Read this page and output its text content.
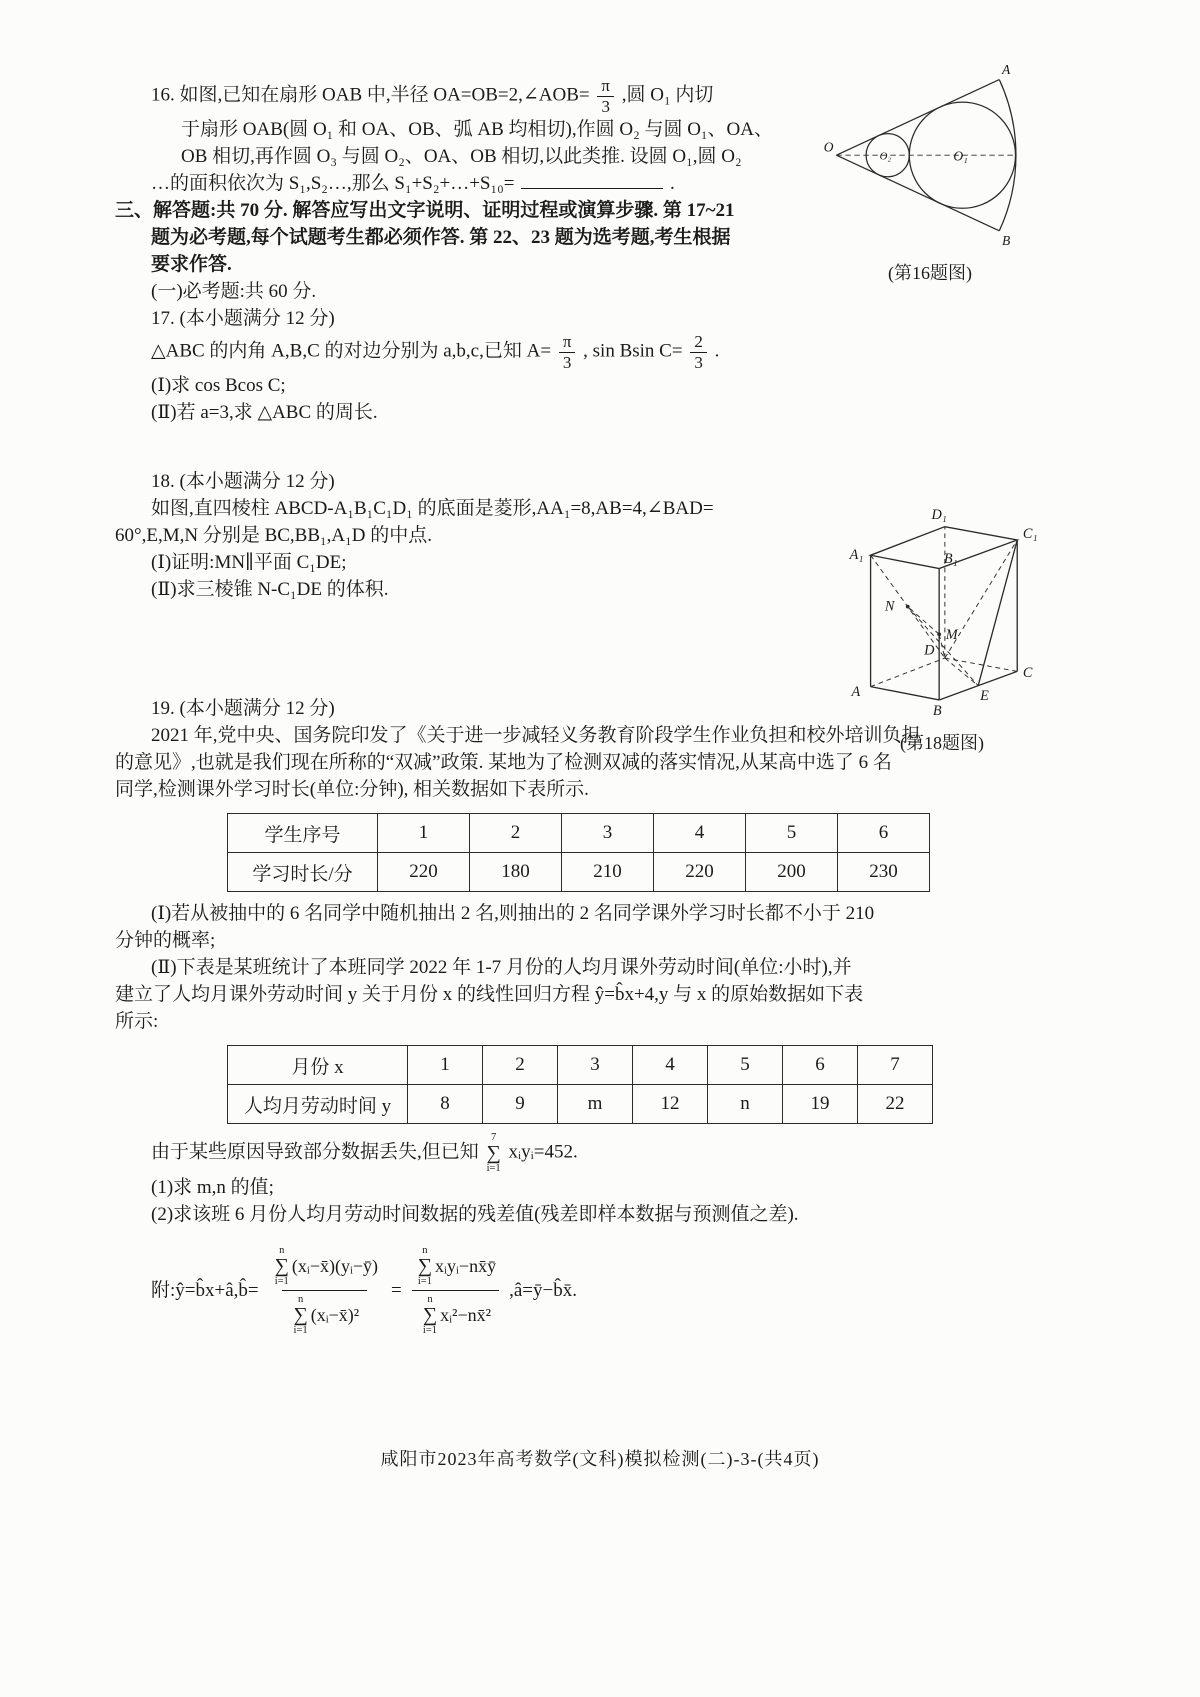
16. 如图,已知在扇形 OAB 中,半径 OA=OB=2,∠AOB= $\frac{\pi}{3}$ ,圆 O₁ 内切
于扇形 OAB(圆 O₁ 和 OA、OB、弧 AB 均相切),作圆 O₂ 与圆 O₁、OA、
OB 相切,再作圆 O₃ 与圆 O₂、OA、OB 相切,以此类推. 设圆 O₁,圆 O₂
…的面积依次为 S₁,S₂…,那么 S₁+S₂+…+S₁₀=	.
三、解答题:共 70 分. 解答应写出文字说明、证明过程或演算步骤. 第 17~21
题为必考题,每个试题考生都必须作答. 第 22、23 题为选考题,考生根据
要求作答.
(一)必考题:共 60 分.
17. (本小题满分 12 分)
△ABC 的内角 A,B,C 的对边分别为 a,b,c,已知 $A= \frac{\pi}{3}$ , sin Bsin $C= \frac{2}{3}$ .
(Ⅰ)求 cos Bcos C;
(Ⅱ)若 a=3,求 △ABC 的周长.
18. (本小题满分 12 分)
如图,直四棱柱 ABCD-A₁B₁C₁D₁ 的底面是菱形,AA₁=8,AB=4,∠BAD=
60°,E,M,N 分别是 BC,BB₁,A₁D 的中点.
(Ⅰ)证明:MN∥平面 C₁DE;
(Ⅱ)求三棱锥 N-C₁DE 的体积.
19. (本小题满分 12 分)
2021 年,党中央、国务院印发了《关于进一步减轻义务教育阶段学生作业负担和校外培训负担
的意见》,也就是我们现在所称的“双减”政策. 某地为了检测双减的落实情况,从某高中选了 6 名
同学,检测课外学习时长(单位:分钟), 相关数据如下表所示.
学生序号	1	2	3	4	5	6
学习时长/分	220	180	210	220	200	230
(Ⅰ)若从被抽中的 6 名同学中随机抽出 2 名,则抽出的 2 名同学课外学习时长都不小于 210
分钟的概率;
(Ⅱ)下表是某班统计了本班同学 2022 年 1-7 月份的人均月课外劳动时间(单位:小时),并
建立了人均月课外劳动时间 y 关于月份 x 的线性回归方程 ŷ=b̂x+4,y 与 x 的原始数据如下表
所示:
月份 x	1	2	3	4	5	6	7
人均月劳动时间 y	8	9	m	12	n	19	22
由于某些原因导致部分数据丢失,但已知
7
∑
i=1
xᵢyᵢ=452.
(1)求 m,n 的值;
(2)求该班 6 月份人均月劳动时间数据的残差值(残差即样本数据与预测值之差).
附:ŷ=b̂x+â,b̂=
n
∑
i=1
(xᵢ−x̄)(yᵢ−ȳ)
n
∑
i=1
(xᵢ−x̄)²
=
n
∑
i=1
xᵢyᵢ−nx̄ȳ
n
∑
i=1
xᵢ²−nx̄²
,â=ȳ−b̂x̄.
A
B
O
O₁
O₂
(第16题图)
D₁
C₁
A₁	B₁
N
M
D
C
A
B
E
(第18题图)
咸阳市2023年高考数学(文科)模拟检测(二)-3-(共4页)
